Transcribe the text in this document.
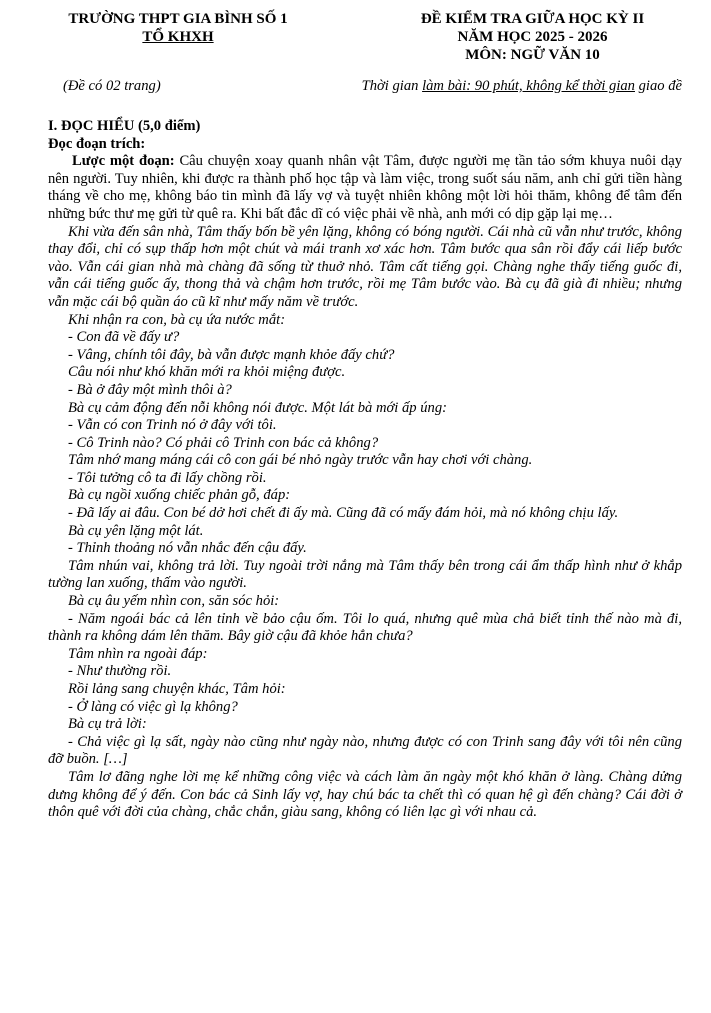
TRƯỜNG THPT GIA BÌNH SỐ 1
TỔ KHXH
ĐỀ KIỂM TRA GIỮA HỌC KỲ II
NĂM HỌC 2025 - 2026
MÔN: NGỮ VĂN 10
(Đề có 02 trang)	Thời gian làm bài: 90 phút, không kể thời gian giao đề
I. ĐỌC HIỂU (5,0 điểm)
Đọc đoạn trích:

Lược một đoạn: Câu chuyện xoay quanh nhân vật Tâm, được người mẹ tần tảo sớm khuya nuôi dạy nên người. Tuy nhiên, khi được ra thành phố học tập và làm việc, trong suốt sáu năm, anh chỉ gửi tiền hàng tháng về cho mẹ, không báo tin mình đã lấy vợ và tuyệt nhiên không một lời hỏi thăm, không để tâm đến những bức thư mẹ gửi từ quê ra. Khi bất đắc dĩ có việc phải về nhà, anh mới có dịp gặp lại mẹ…

Khi vừa đến sân nhà, Tâm thấy bốn bề yên lặng, không có bóng người. Cái nhà cũ vẫn như trước, không thay đổi, chỉ có sụp thấp hơn một chút và mái tranh xơ xác hơn. Tâm bước qua sân rồi đẩy cái liếp bước vào. Vẫn cái gian nhà mà chàng đã sống từ thuở nhỏ. Tâm cất tiếng gọi. Chàng nghe thấy tiếng guốc đi, vẫn cái tiếng guốc ấy, thong thả và chậm hơn trước, rồi mẹ Tâm bước vào. Bà cụ đã già đi nhiều; nhưng vẫn mặc cái bộ quần áo cũ kĩ như mấy năm về trước.

Khi nhận ra con, bà cụ ứa nước mắt:

- Con đã về đấy ư?

- Vâng, chính tôi đây, bà vẫn được mạnh khỏe đấy chứ?

Câu nói như khó khăn mới ra khỏi miệng được.

- Bà ở đây một mình thôi à?

Bà cụ cảm động đến nỗi không nói được. Một lát bà mới ấp úng:

- Vẫn có con Trinh nó ở đây với tôi.

- Cô Trinh nào? Có phải cô Trinh con bác cả không?

Tâm nhớ mang máng cái cô con gái bé nhỏ ngày trước vẫn hay chơi với chàng.

- Tôi tưởng cô ta đi lấy chồng rồi.

Bà cụ ngồi xuống chiếc phản gỗ, đáp:

- Đã lấy ai đâu. Con bé dở hơi chết đi ấy mà. Cũng đã có mấy đám hỏi, mà nó không chịu lấy.

Bà cụ yên lặng một lát.

- Thỉnh thoảng nó vẫn nhắc đến cậu đấy.

Tâm nhún vai, không trả lời. Tuy ngoài trời nắng mà Tâm thấy bên trong cái ẩm thấp hình như ở khắp tường lan xuống, thấm vào người.

Bà cụ âu yếm nhìn con, săn sóc hỏi:

- Năm ngoái bác cả lên tỉnh về bảo cậu ốm. Tôi lo quá, nhưng quê mùa chả biết tỉnh thế nào mà đi, thành ra không dám lên thăm. Bây giờ cậu đã khỏe hẳn chưa?

Tâm nhìn ra ngoài đáp:

- Như thường rồi.

Rồi lảng sang chuyện khác, Tâm hỏi:

- Ở làng có việc gì lạ không?

Bà cụ trả lời:

- Chả việc gì lạ sất, ngày nào cũng như ngày nào, nhưng được có con Trinh sang đây với tôi nên cũng đỡ buồn. […]

Tâm lơ đãng nghe lời mẹ kể những công việc và cách làm ăn ngày một khó khăn ở làng. Chàng dửng dưng không để ý đến. Con bác cả Sinh lấy vợ, hay chú bác ta chết thì có quan hệ gì đến chàng? Cái đời ở thôn quê với đời của chàng, chắc chắn, giàu sang, không có liên lạc gì với nhau cả.
